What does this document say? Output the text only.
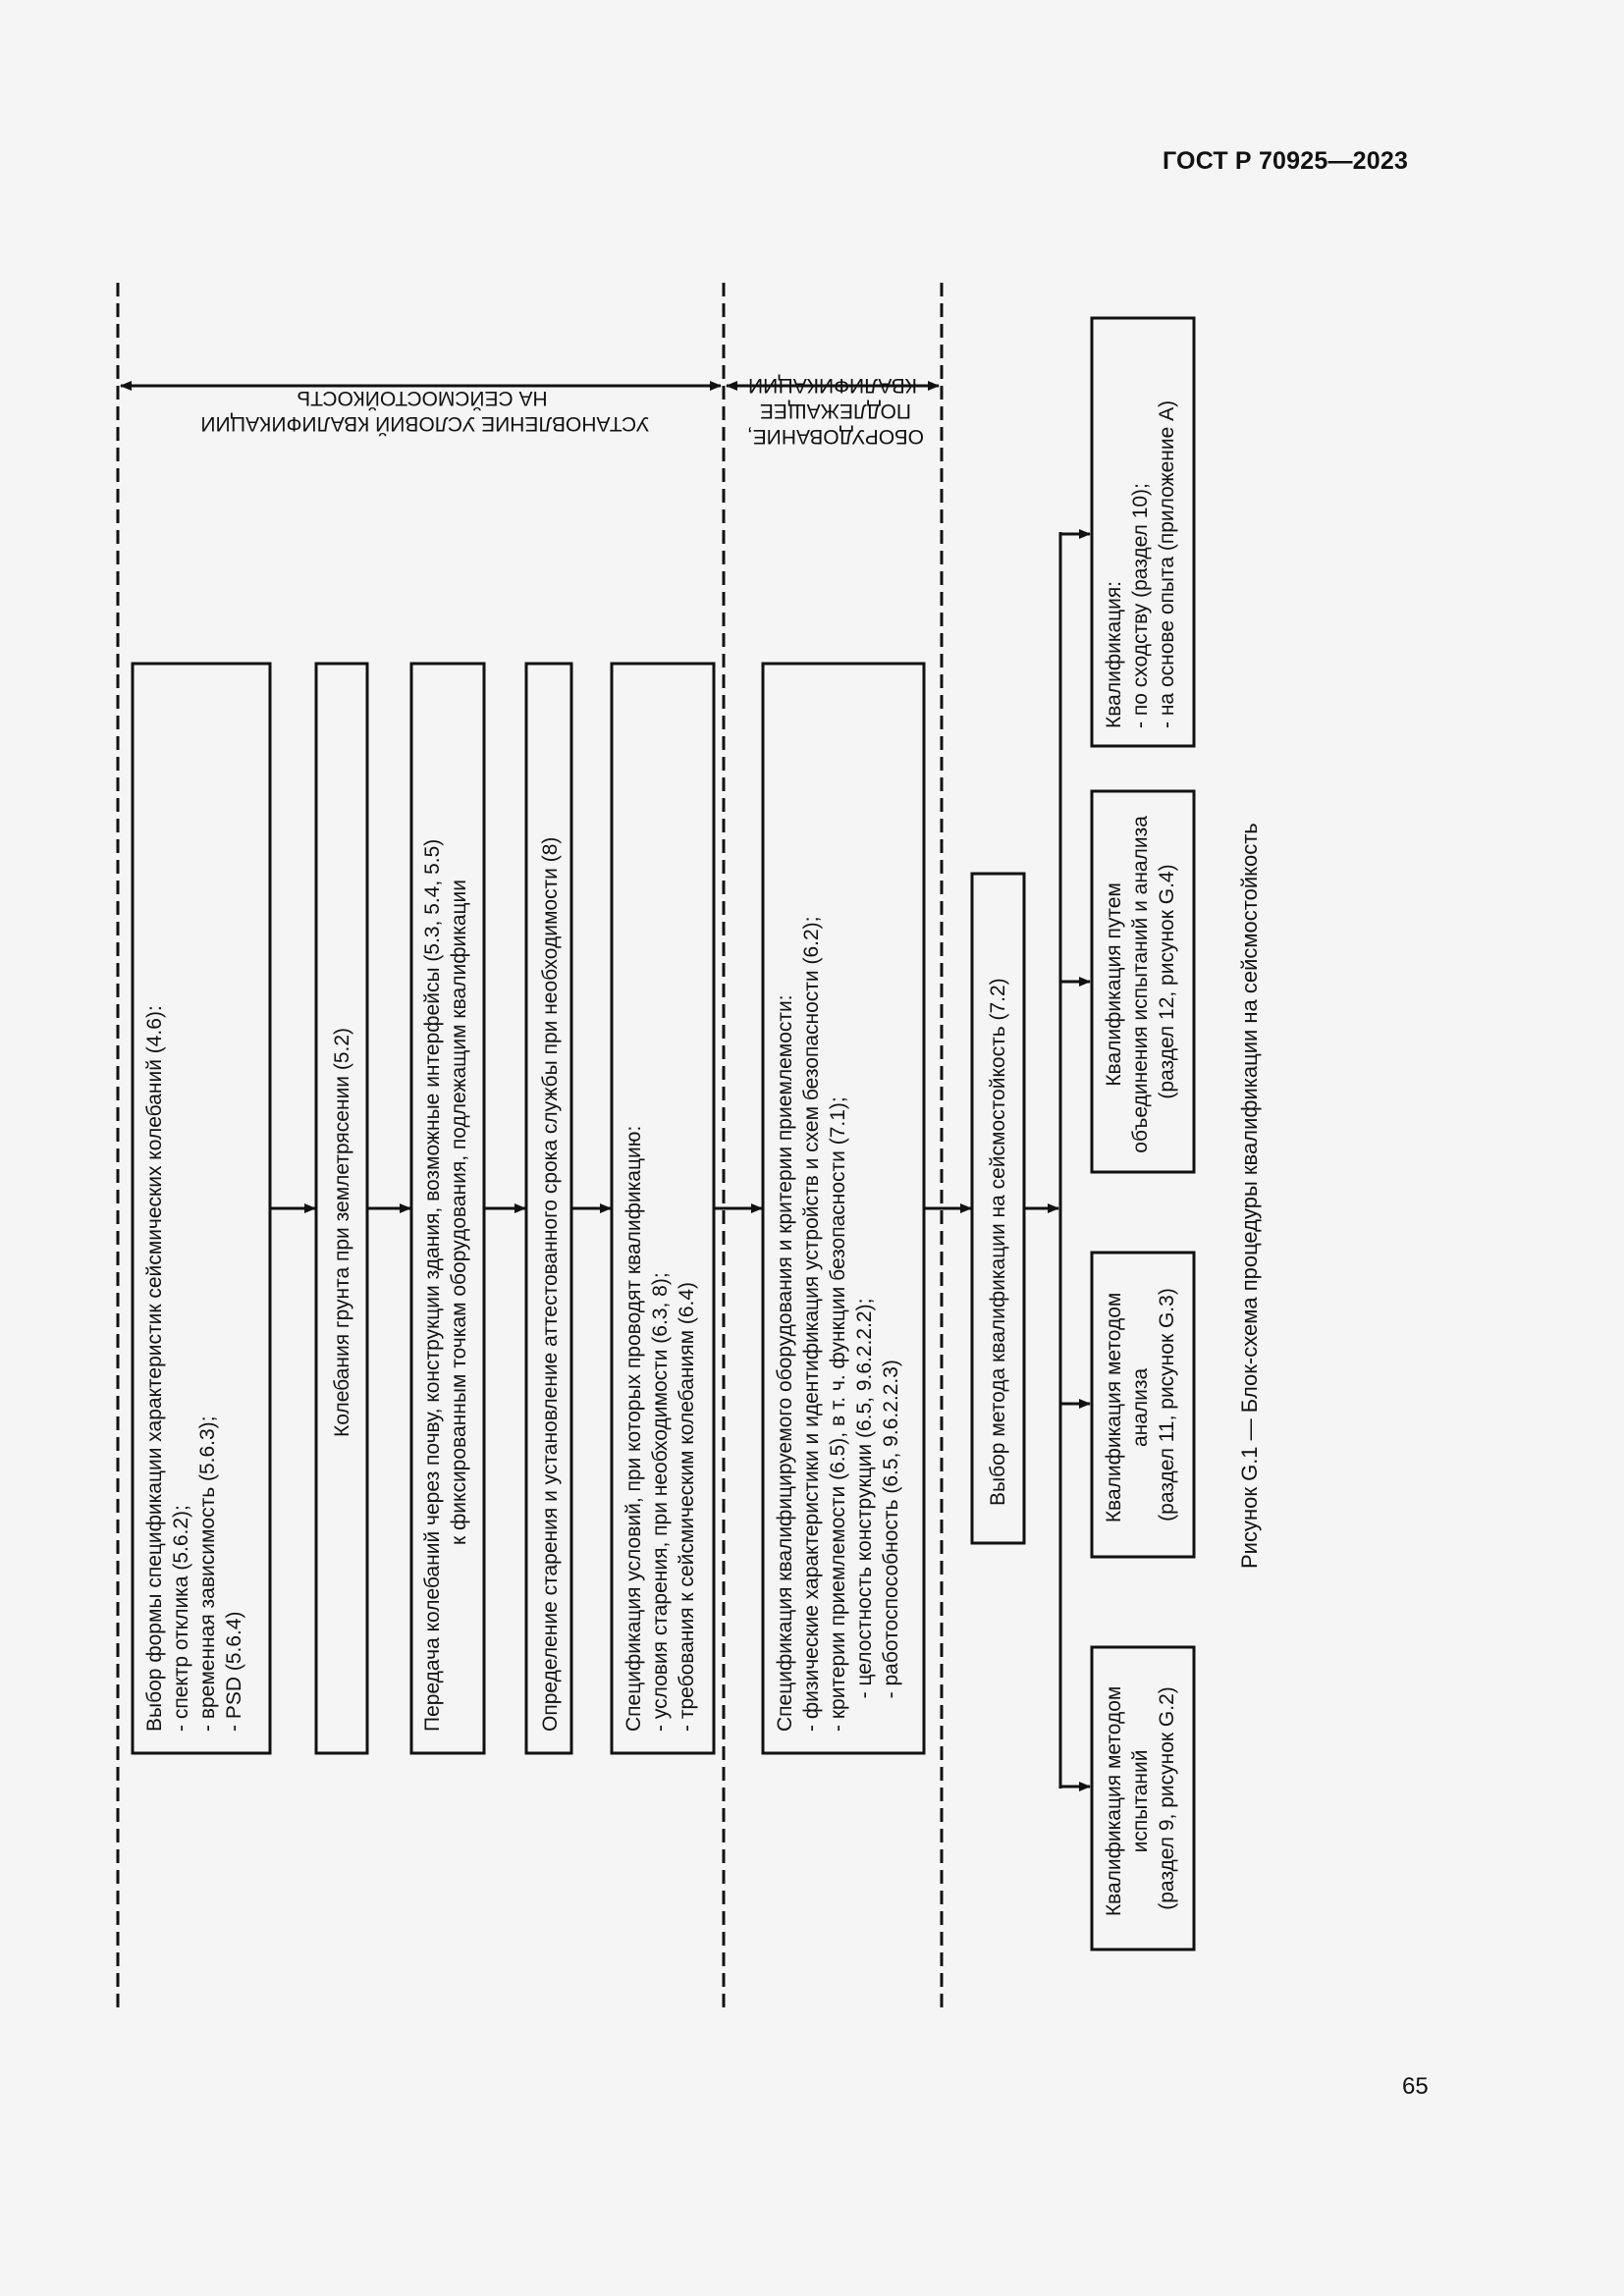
ГОСТ Р 70925—2023
УСТАНОВЛЕНИЕ УСЛОВИЙ КВАЛИФИКАЦИИ НА СЕЙСМОСТОЙКОСТЬ
ОБОРУДОВАНИЕ, ПОДЛЕЖАЩЕЕ КВАЛИФИКАЦИИ
Выбор формы спецификации характеристик сейсмических колебаний (4.6): - спектр отклика (5.6.2); - временная зависимость (5.6.3); - PSD (5.6.4)
Колебания грунта при землетрясении (5.2)	Передача колебаний через почву, конструкции здания, возможные интерфейсы (5.3, 5.4, 5.5) к фиксированным точкам оборудования, подлежащим квалификации	Определение старения и установление аттестованного срока службы при необходимости (8)	Спецификация условий, при которых проводят квалификацию: - условия старения, при необходимости (6.3, 8); - требования к сейсмическим колебаниям (6.4)	Спецификация квалифицируемого оборудования и критерии приемлемости: - физические характеристики и идентификация устройств и схем безопасности (6.2); - критерии приемлемости (6.5), в т. ч. функции безопасности (7.1);         - целостность конструкции (6.5, 9.6.2.2.2);         - работоспособность (6.5, 9.6.2.2.3)
Выбор метода квалификации на сейсмостойкость (7.2)
Квалификация методом испытаний (раздел 9, рисунок G.2)
Квалификация методом анализа (раздел 11, рисунок G.3)
Квалификация путем объединения испытаний и анализа (раздел 12, рисунок G.4)
Квалификация: - по сходству (раздел 10); - на основе опыта (приложение А)
Рисунок G.1 — Блок-схема процедуры квалификации на сейсмостойкость
65
